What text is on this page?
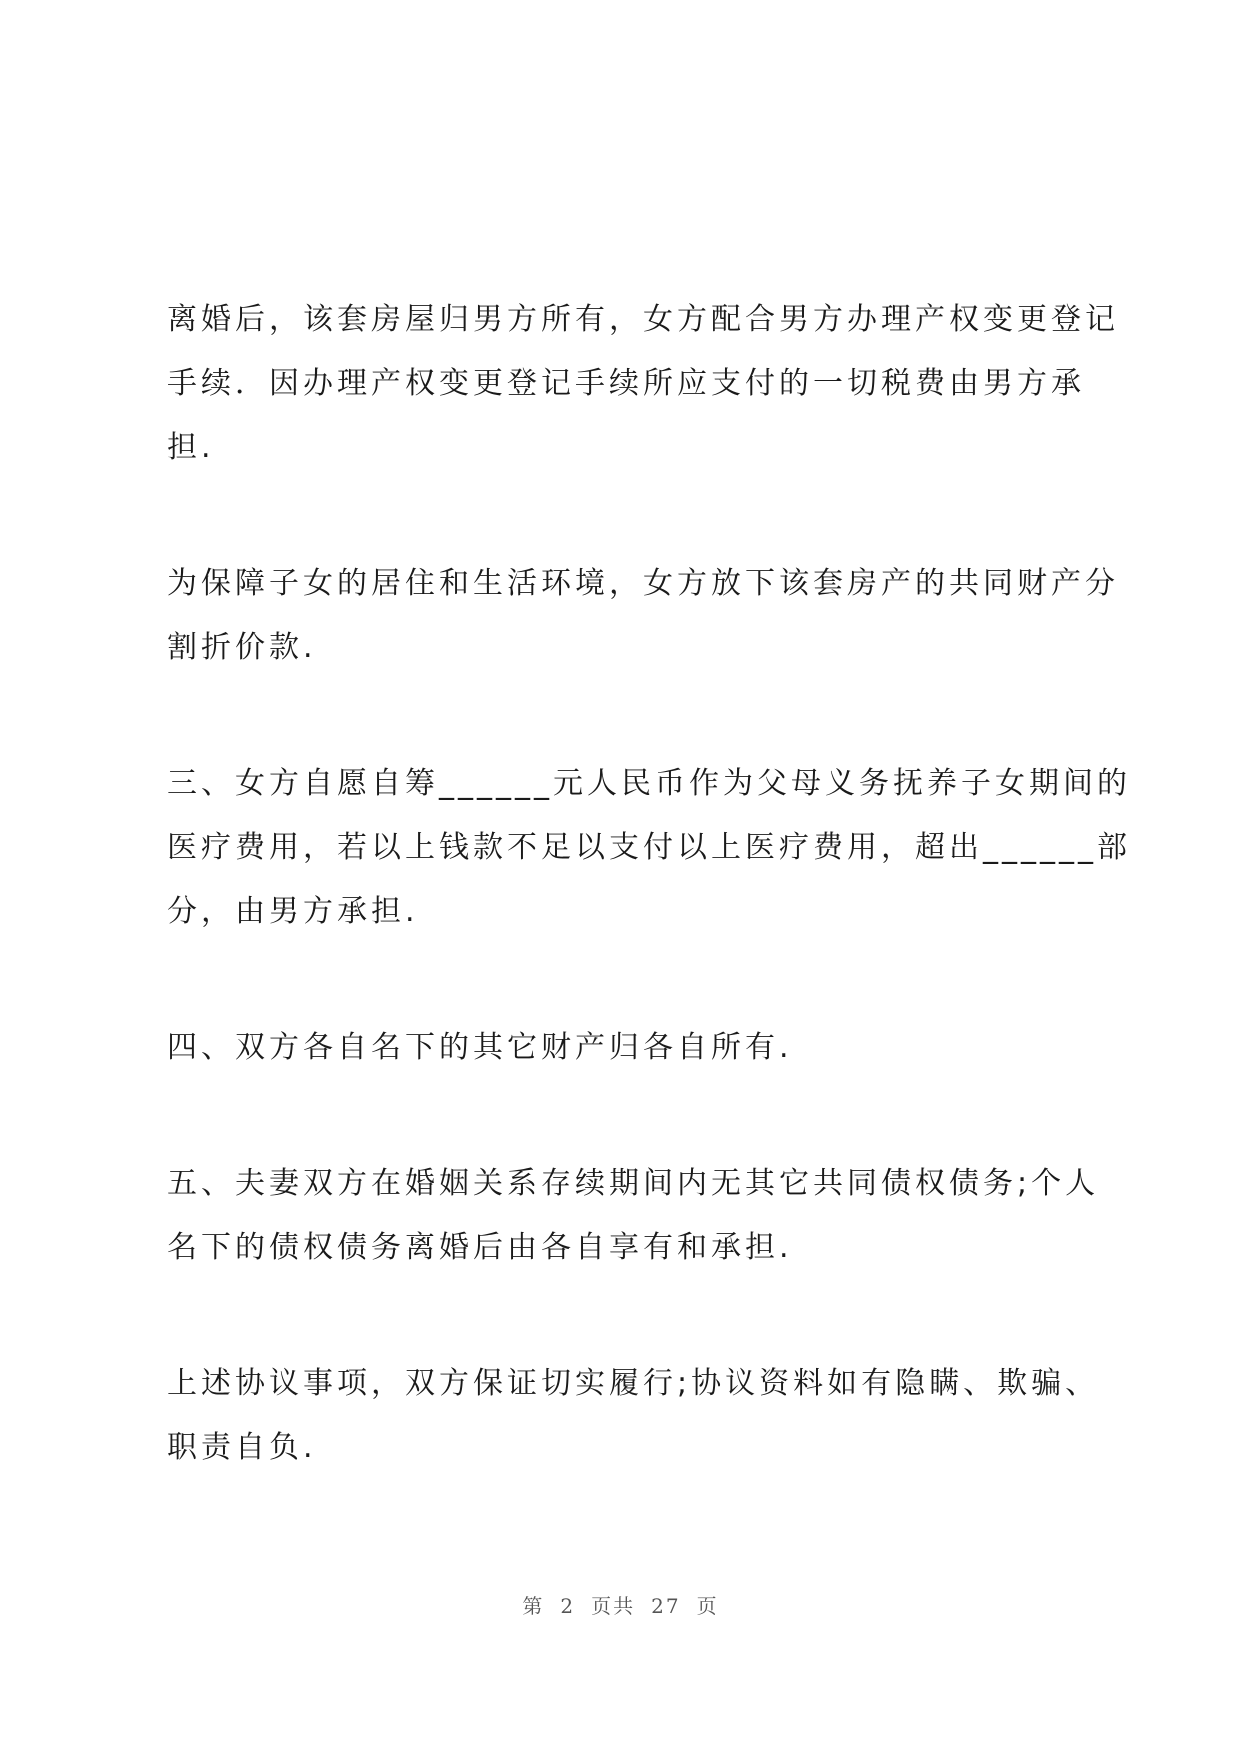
离婚后，该套房屋归男方所有，女方配合男方办理产权变更登记
手续．因办理产权变更登记手续所应支付的一切税费由男方承
担.

为保障子女的居住和生活环境，女方放下该套房产的共同财产分
割折价款.

三、女方自愿自筹______元人民币作为父母义务抚养子女期间的
医疗费用，若以上钱款不足以支付以上医疗费用，超出______部
分，由男方承担.

四、双方各自名下的其它财产归各自所有.

五、夫妻双方在婚姻关系存续期间内无其它共同债权债务;个人
名下的债权债务离婚后由各自享有和承担.

上述协议事项，双方保证切实履行;协议资料如有隐瞒、欺骗、
职责自负.

第 2 页共 27 页
